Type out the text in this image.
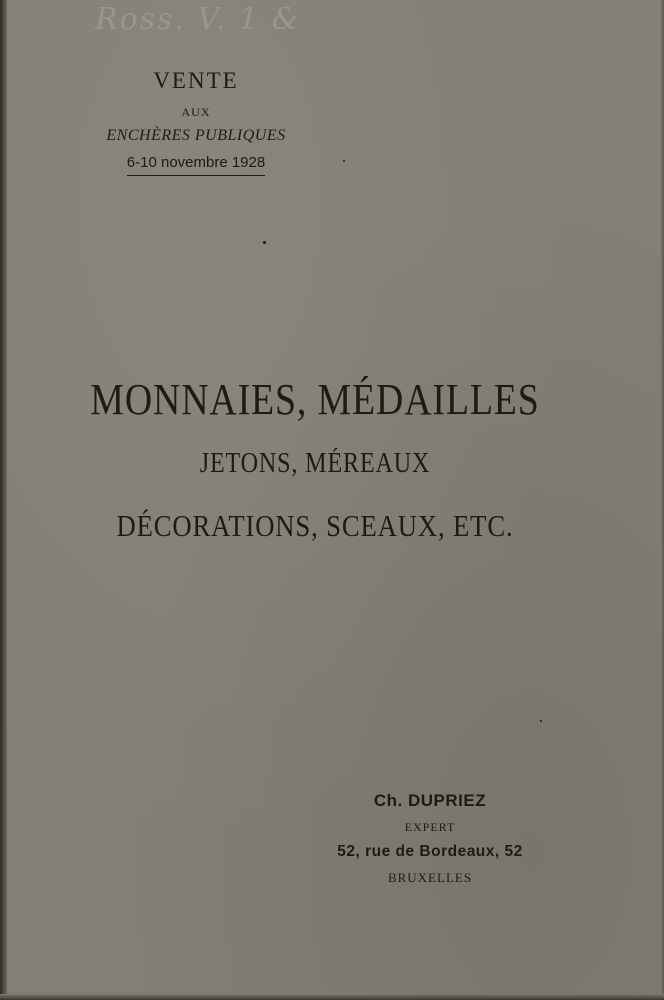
Ross. V. 1 &
VENTE
AUX
ENCHÈRES PUBLIQUES
6-10 novembre 1928
MONNAIES, MÉDAILLES
JETONS, MÉREAUX
DÉCORATIONS, SCEAUX, ETC.
Ch. DUPRIEZ
EXPERT
52, rue de Bordeaux, 52
BRUXELLES
